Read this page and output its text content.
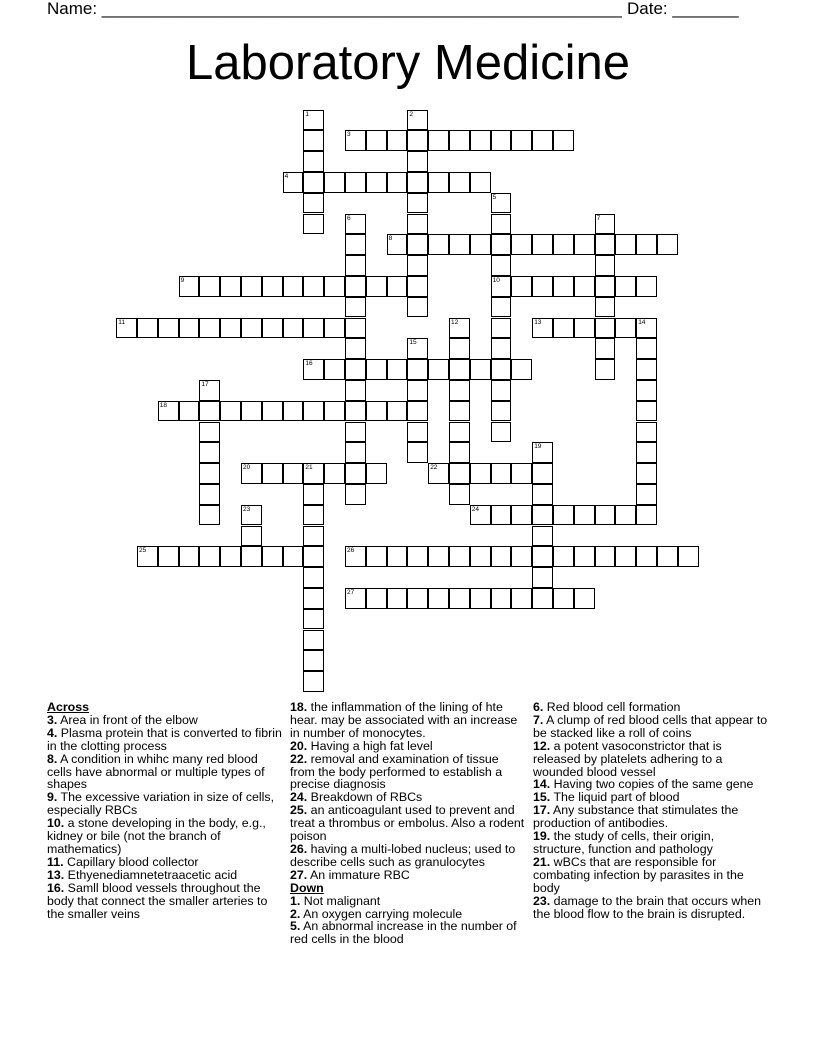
Name: _______________________________________________________ Date: _______
Laboratory Medicine
1	2
3
4
5
10
6	7
8
9
11	12	13	14
15
16
17
18
19
20	21	22
23	24
25	26
27

Across

3. Area in front of the elbow

4. Plasma protein that is converted to fibrin in the clotting process

8. A condition in whihc many red blood cells have abnormal or multiple types of shapes

9. The excessive variation in size of cells, especially RBCs

10. a stone developing in the body, e.g., kidney or bile (not the branch of mathematics)

11. Capillary blood collector

13. Ethyenediamnetetraacetic acid

16. Samll blood vessels throughout the body that connect the smaller arteries to the smaller veins

18. the inflammation of the lining of hte hear. may be associated with an increase in number of monocytes.

20. Having a high fat level

22. removal and examination of tissue from the body performed to establish a precise diagnosis

24. Breakdown of RBCs

25. an anticoagulant used to prevent and treat a thrombus or embolus. Also a rodent poison

26. having a multi-lobed nucleus; used to describe cells such as granulocytes

27. An immature RBC

Down

1. Not malignant

2. An oxygen carrying molecule

5. An abnormal increase in the number of red cells in the blood

6. Red blood cell formation

7. A clump of red blood cells that appear to be stacked like a roll of coins

12. a potent vasoconstrictor that is released by platelets adhering to a wounded blood vessel

14. Having two copies of the same gene

15. The liquid part of blood

17. Any substance that stimulates the production of antibodies.

19. the study of cells, their origin, structure, function and pathology

21. wBCs that are responsible for combating infection by parasites in the body

23. damage to the brain that occurs when the blood flow to the brain is disrupted.
